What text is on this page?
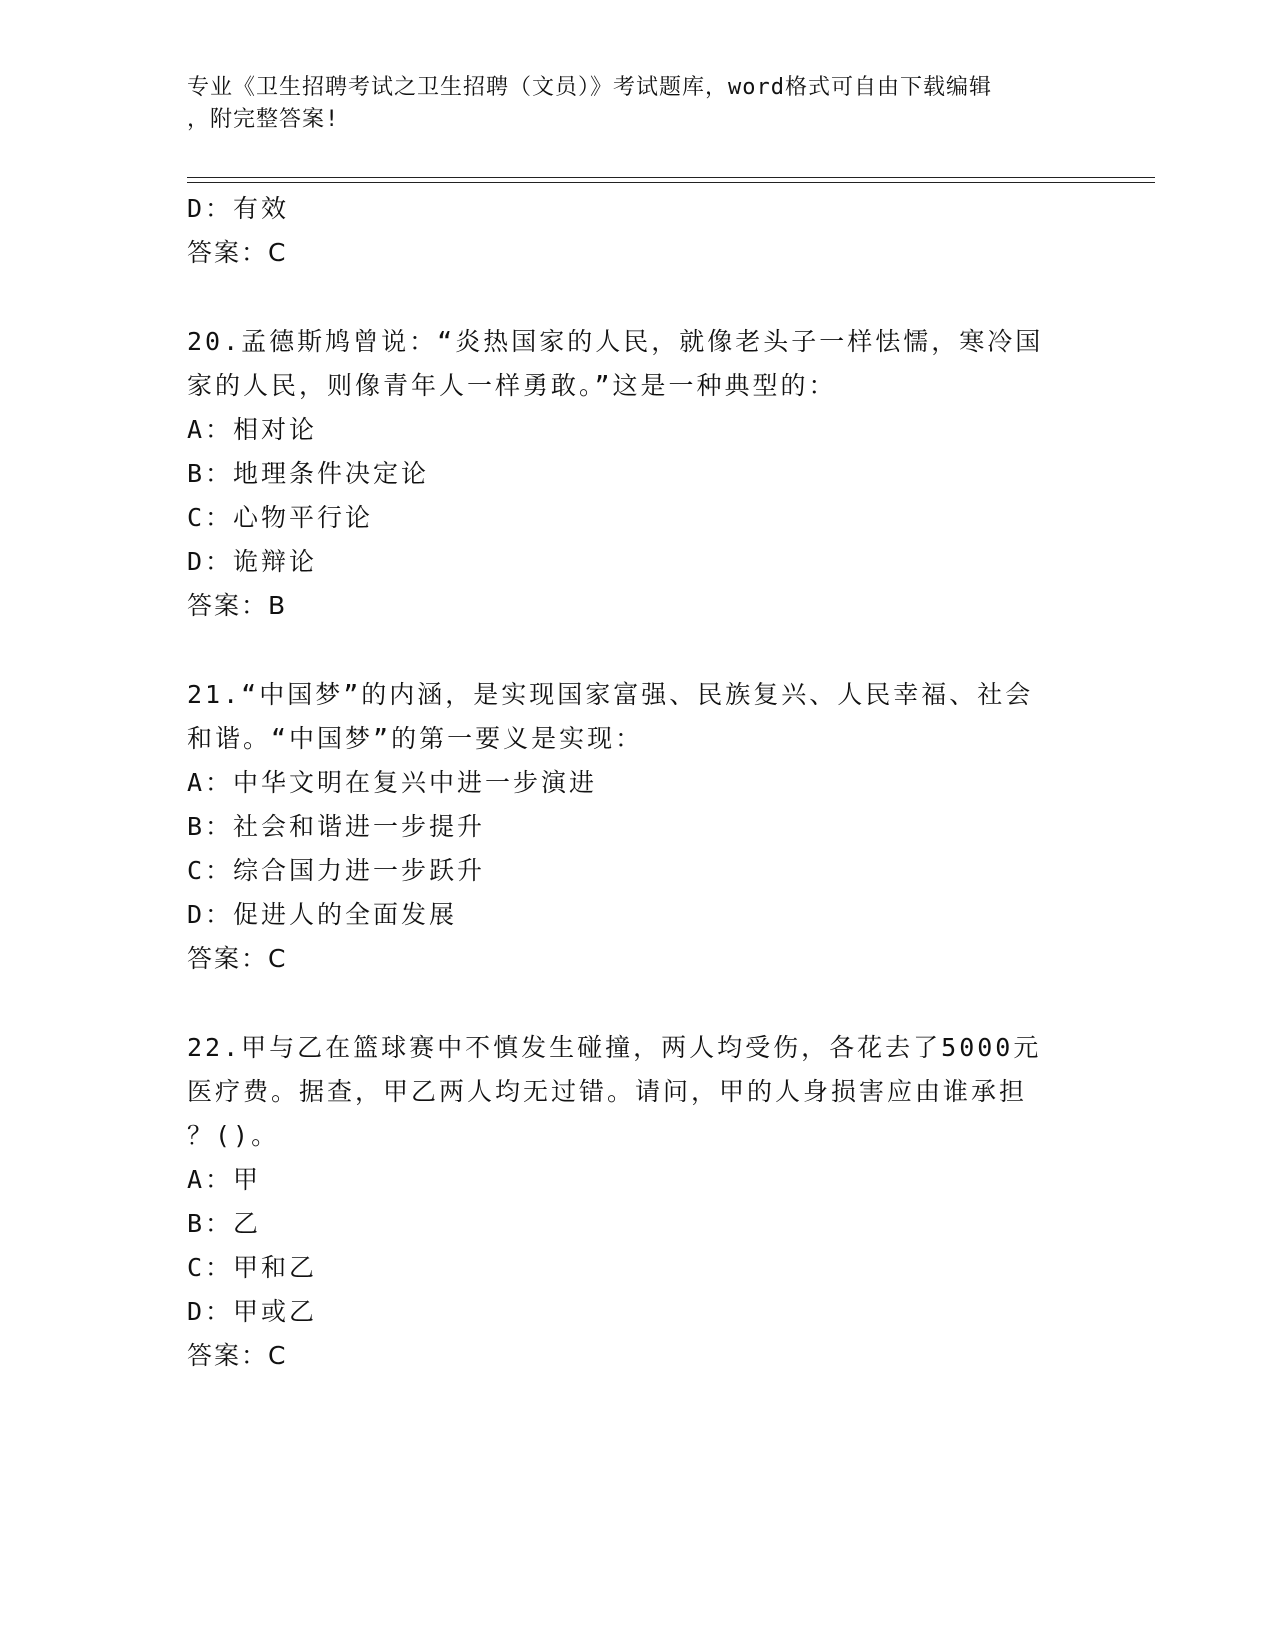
专业《卫生招聘考试之卫生招聘（文员）》考试题库，word格式可自由下载编辑
，附完整答案!
D：有效
答案：C
20.孟德斯鸠曾说：“炎热国家的人民，就像老头子一样怯懦，寒冷国
家的人民，则像青年人一样勇敢。”这是一种典型的：
A：相对论
B：地理条件决定论
C：心物平行论
D：诡辩论
答案：B
21.“中国梦”的内涵，是实现国家富强、民族复兴、人民幸福、社会
和谐。“中国梦”的第一要义是实现：
A：中华文明在复兴中进一步演进
B：社会和谐进一步提升
C：综合国力进一步跃升
D：促进人的全面发展
答案：C
22.甲与乙在篮球赛中不慎发生碰撞，两人均受伤，各花去了5000元
医疗费。据查，甲乙两人均无过错。请问，甲的人身损害应由谁承担
？()。
A：甲
B：乙
C：甲和乙
D：甲或乙
答案：C
